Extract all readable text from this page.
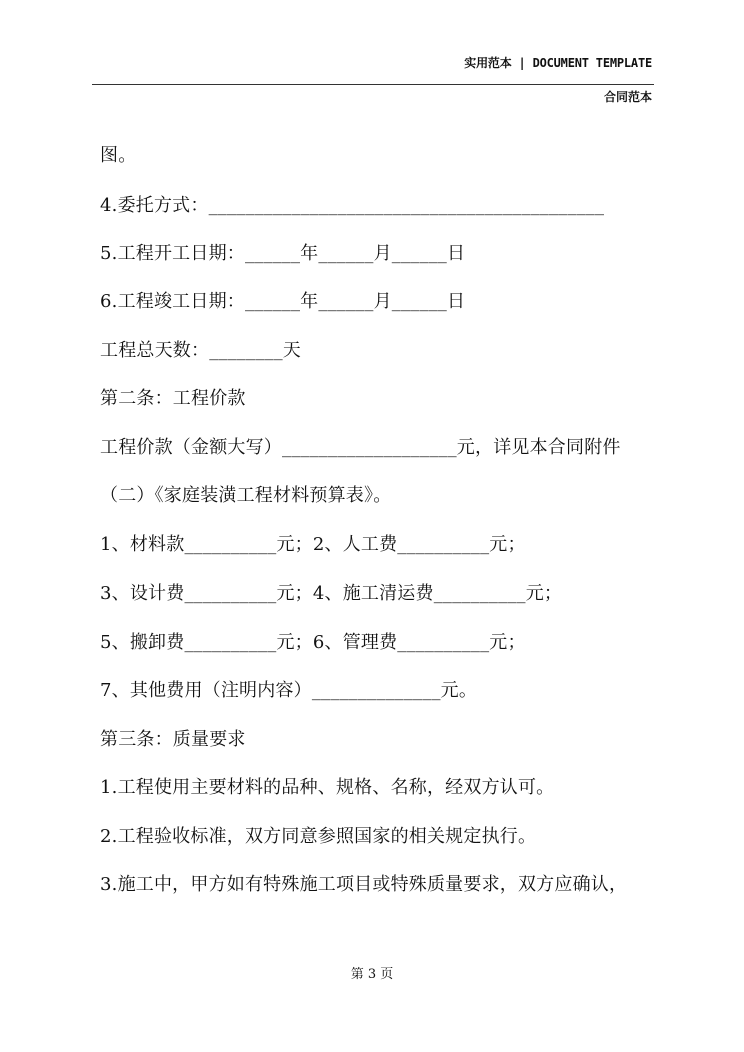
实用范本 | DOCUMENT TEMPLATE
合同范本
图。
4.委托方式：___________________________________________
5.工程开工日期：______年______月______日
6.工程竣工日期：______年______月______日
工程总天数：________天
第二条：工程价款
工程价款（金额大写）___________________元，详见本合同附件
（二）《家庭装潢工程材料预算表》。
1、材料款__________元；2、人工费__________元；
3、设计费__________元；4、施工清运费__________元；
5、搬卸费__________元；6、管理费__________元；
7、其他费用（注明内容）______________元。
第三条：质量要求
1.工程使用主要材料的品种、规格、名称，经双方认可。
2.工程验收标准，双方同意参照国家的相关规定执行。
3.施工中，甲方如有特殊施工项目或特殊质量要求，双方应确认，
第 3 页
